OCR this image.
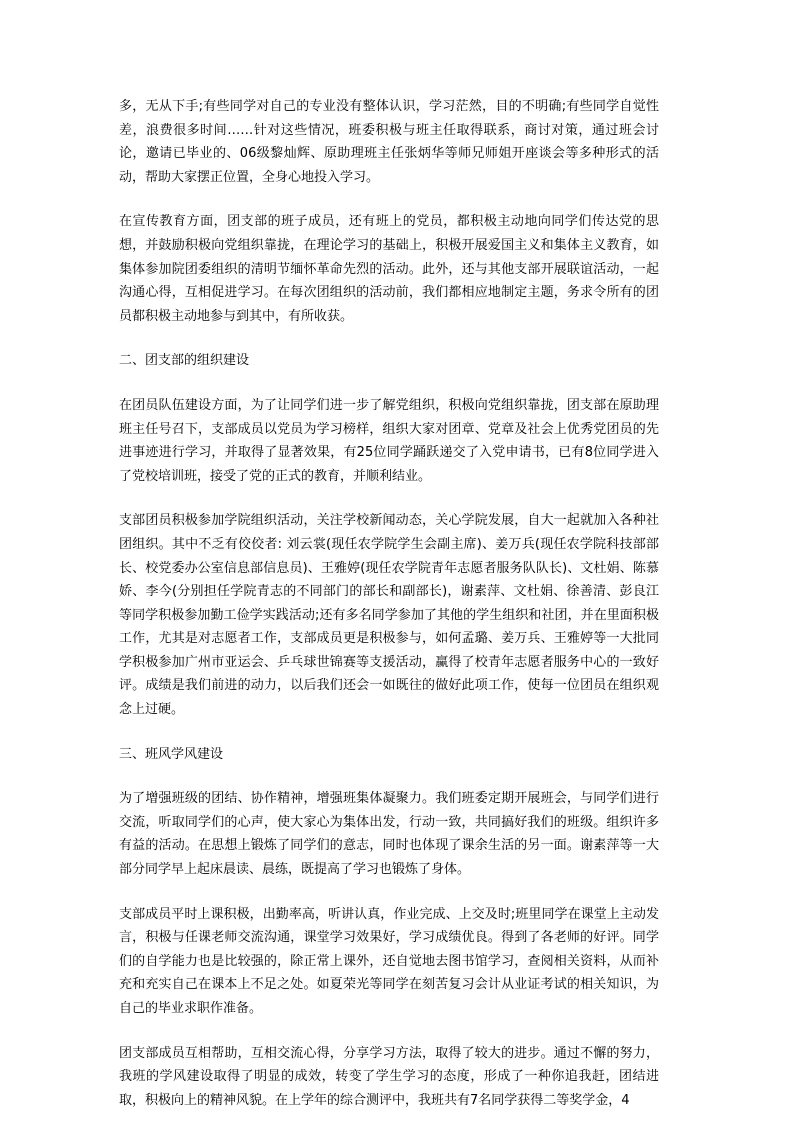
多，无从下手;有些同学对自己的专业没有整体认识，学习茫然，目的不明确;有些同学自觉性差，浪费很多时间……针对这些情况，班委积极与班主任取得联系，商讨对策，通过班会讨论，邀请已毕业的、06级黎灿辉、原助理班主任张炳华等师兄师姐开座谈会等多种形式的活动，帮助大家摆正位置，全身心地投入学习。

在宣传教育方面，团支部的班子成员，还有班上的党员，都积极主动地向同学们传达党的思想，并鼓励积极向党组织靠拢，在理论学习的基础上，积极开展爱国主义和集体主义教育，如集体参加院团委组织的清明节缅怀革命先烈的活动。此外，还与其他支部开展联谊活动，一起沟通心得，互相促进学习。在每次团组织的活动前，我们都相应地制定主题，务求令所有的团员都积极主动地参与到其中，有所收获。

二、团支部的组织建设

在团员队伍建设方面，为了让同学们进一步了解党组织，积极向党组织靠拢，团支部在原助理班主任号召下，支部成员以党员为学习榜样，组织大家对团章、党章及社会上优秀党团员的先进事迹进行学习，并取得了显著效果，有25位同学踊跃递交了入党申请书，已有8位同学进入了党校培训班，接受了党的正式的教育，并顺利结业。

支部团员积极参加学院组织活动，关注学校新闻动态，关心学院发展，自大一起就加入各种社团组织。其中不乏有佼佼者: 刘云裳(现任农学院学生会副主席)、姜万兵(现任农学院科技部部长、校党委办公室信息部信息员)、王雅婷(现任农学院青年志愿者服务队队长)、文杜娟、陈慕娇、李今(分别担任学院青志的不同部门的部长和副部长)，谢素萍、文杜娟、徐善清、彭良江等同学积极参加勤工俭学实践活动;还有多名同学参加了其他的学生组织和社团，并在里面积极工作，尤其是对志愿者工作，支部成员更是积极参与，如何孟璐、姜万兵、王雅婷等一大批同学积极参加广州市亚运会、乒乓球世锦赛等支援活动，赢得了校青年志愿者服务中心的一致好评。成绩是我们前进的动力，以后我们还会一如既往的做好此项工作，使每一位团员在组织观念上过硬。

三、班风学风建设

为了增强班级的团结、协作精神，增强班集体凝聚力。我们班委定期开展班会，与同学们进行交流，听取同学们的心声，使大家心为集体出发，行动一致，共同搞好我们的班级。组织许多有益的活动。在思想上锻炼了同学们的意志，同时也体现了课余生活的另一面。谢素萍等一大部分同学早上起床晨读、晨练，既提高了学习也锻炼了身体。

支部成员平时上课积极，出勤率高，听讲认真，作业完成、上交及时;班里同学在课堂上主动发言，积极与任课老师交流沟通，课堂学习效果好，学习成绩优良。得到了各老师的好评。同学们的自学能力也是比较强的，除正常上课外，还自觉地去图书馆学习，查阅相关资料，从而补充和充实自己在课本上不足之处。如夏荣光等同学在刻苦复习会计从业证考试的相关知识，为自己的毕业求职作准备。

团支部成员互相帮助，互相交流心得，分享学习方法，取得了较大的进步。通过不懈的努力，我班的学风建设取得了明显的成效，转变了学生学习的态度，形成了一种你追我赶，团结进取，积极向上的精神风貌。在上学年的综合测评中，我班共有7名同学获得二等奖学金，4
